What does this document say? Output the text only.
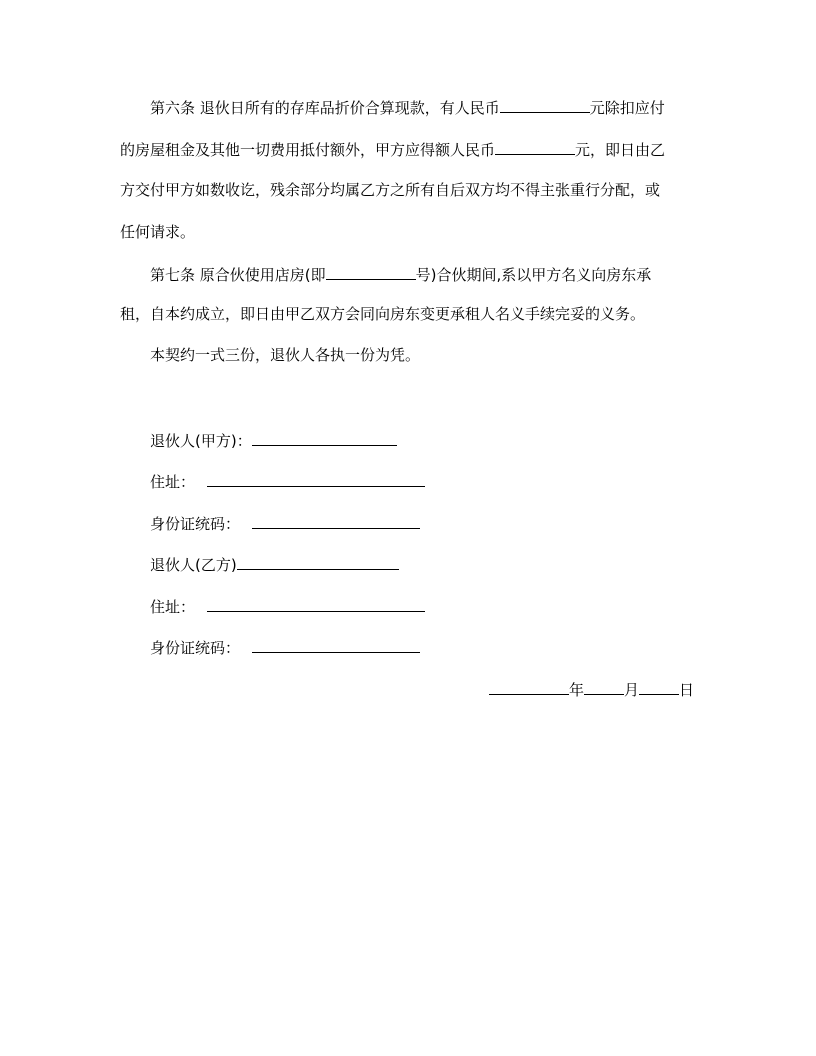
第六条 退伙日所有的存库品折价合算现款，有人民币	元除扣应付
的房屋租金及其他一切费用抵付额外，甲方应得额人民币	元，即日由乙
方交付甲方如数收讫，残余部分均属乙方之所有自后双方均不得主张重行分配，或
任何请求。
第七条 原合伙使用店房(即	号)合伙期间,系以甲方名义向房东承
租，自本约成立，即日由甲乙双方会同向房东变更承租人名义手续完妥的义务。
本契约一式三份，退伙人各执一份为凭。
退伙人(甲方)：
住址：
身份证统码：
退伙人(乙方)
住址：
身份证统码：
年	月	日
